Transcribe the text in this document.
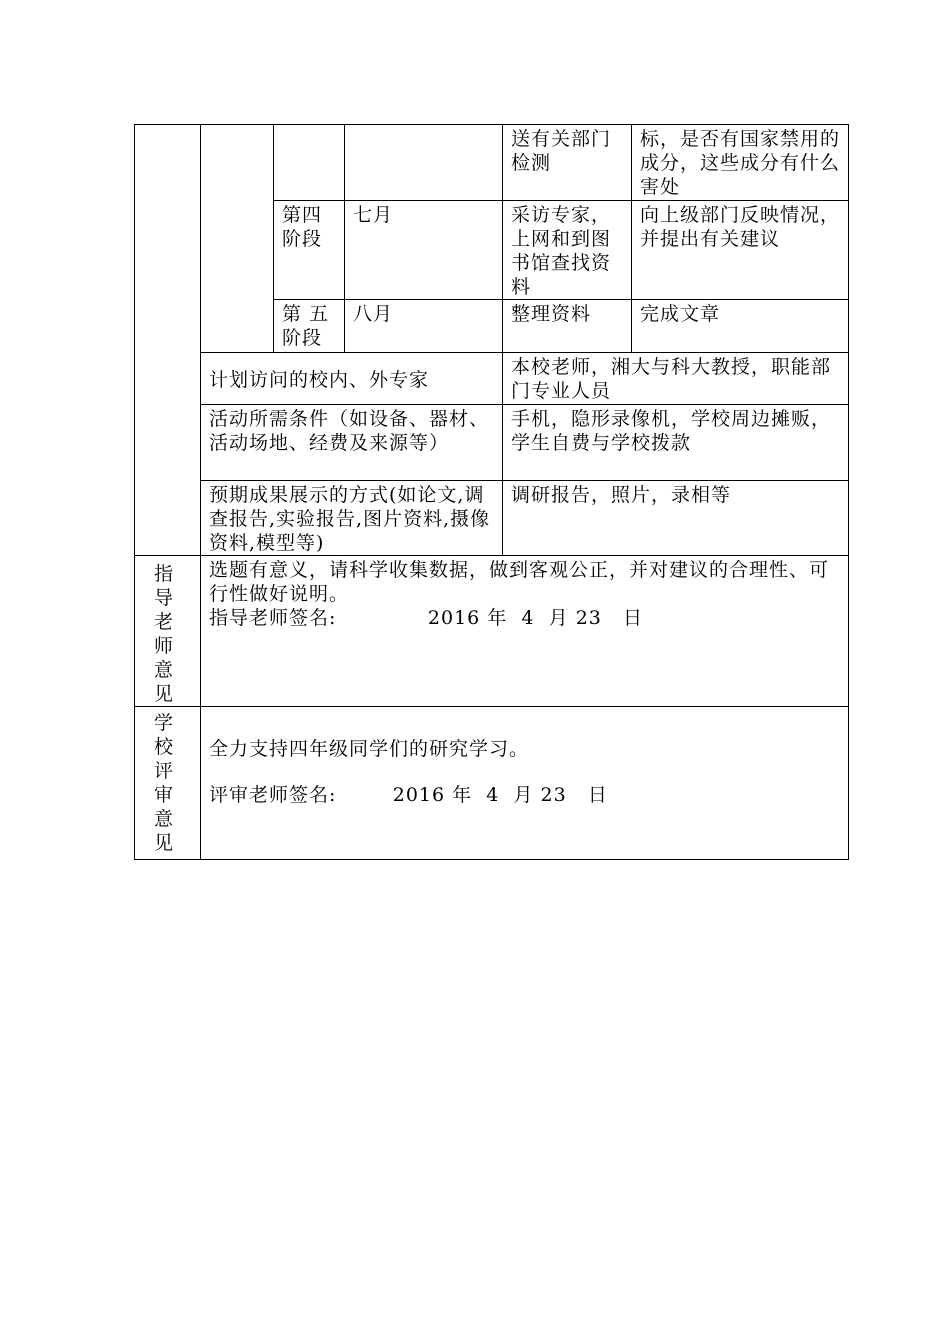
				送有关部门检测	标，是否有国家禁用的成分，这些成分有什么害处
		第四阶段	七月	采访专家，上网和到图书馆查找资料	向上级部门反映情况，并提出有关建议
		第 五阶段	八月	整理资料	完成文章
	计划访问的校内、外专家			本校老师，湘大与科大教授，职能部门专业人员	
	活动所需条件（如设备、器材、活动场地、经费及来源等）			手机，隐形录像机，学校周边摊贩，学生自费与学校拨款	
	预期成果展示的方式(如论文,调查报告,实验报告,图片资料,摄像资料,模型等)			调研报告，照片，录相等	
指导老师意见	选题有意义，请科学收集数据，做到客观公正，并对建议的合理性、可行性做好说明。
指导老师签名: 2016 年 4 月 23 日				

学校评审意见	全力支持四年级同学们的研究学习。
评审老师签名: 2016 年 4 月 23 日				
